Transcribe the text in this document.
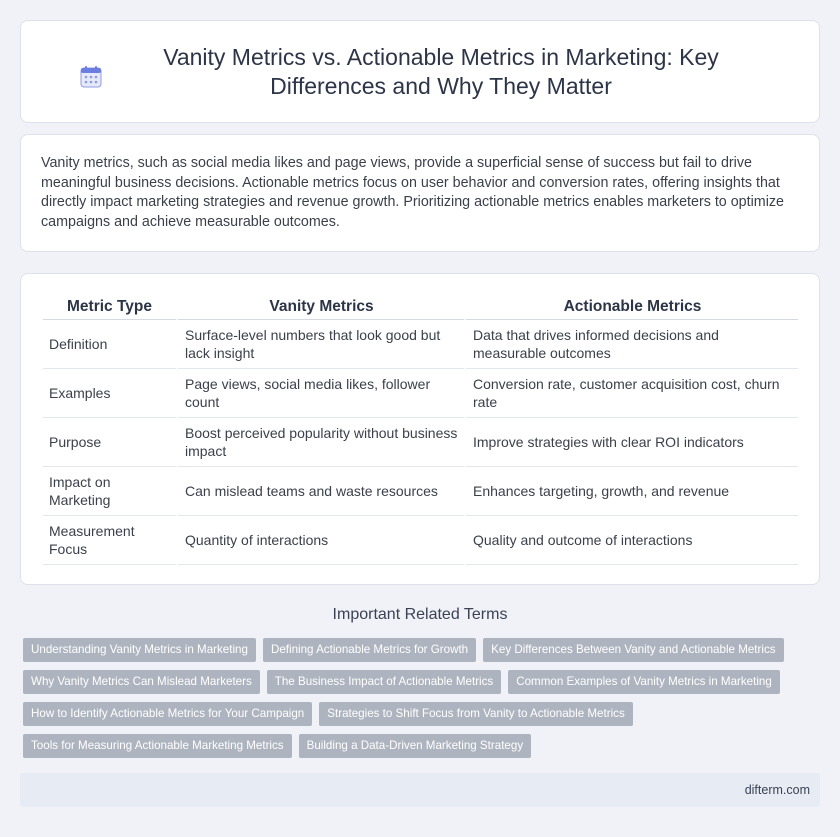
Vanity Metrics vs. Actionable Metrics in Marketing: Key Differences and Why They Matter

Vanity metrics, such as social media likes and page views, provide a superficial sense of success but fail to drive meaningful business decisions. Actionable metrics focus on user behavior and conversion rates, offering insights that directly impact marketing strategies and revenue growth. Prioritizing actionable metrics enables marketers to optimize campaigns and achieve measurable outcomes.

Metric Type	Vanity Metrics	Actionable Metrics
Definition	Surface-level numbers that look good but lack insight	Data that drives informed decisions and measurable outcomes
Examples	Page views, social media likes, follower count	Conversion rate, customer acquisition cost, churn rate
Purpose	Boost perceived popularity without business impact	Improve strategies with clear ROI indicators
Impact on Marketing	Can mislead teams and waste resources	Enhances targeting, growth, and revenue
Measurement Focus	Quantity of interactions	Quality and outcome of interactions
Important Related Terms
Understanding Vanity Metrics in Marketing	Defining Actionable Metrics for Growth	Key Differences Between Vanity and Actionable Metrics
Why Vanity Metrics Can Mislead Marketers	The Business Impact of Actionable Metrics	Common Examples of Vanity Metrics in Marketing
How to Identify Actionable Metrics for Your Campaign	Strategies to Shift Focus from Vanity to Actionable Metrics
Tools for Measuring Actionable Marketing Metrics	Building a Data-Driven Marketing Strategy
difterm.com
